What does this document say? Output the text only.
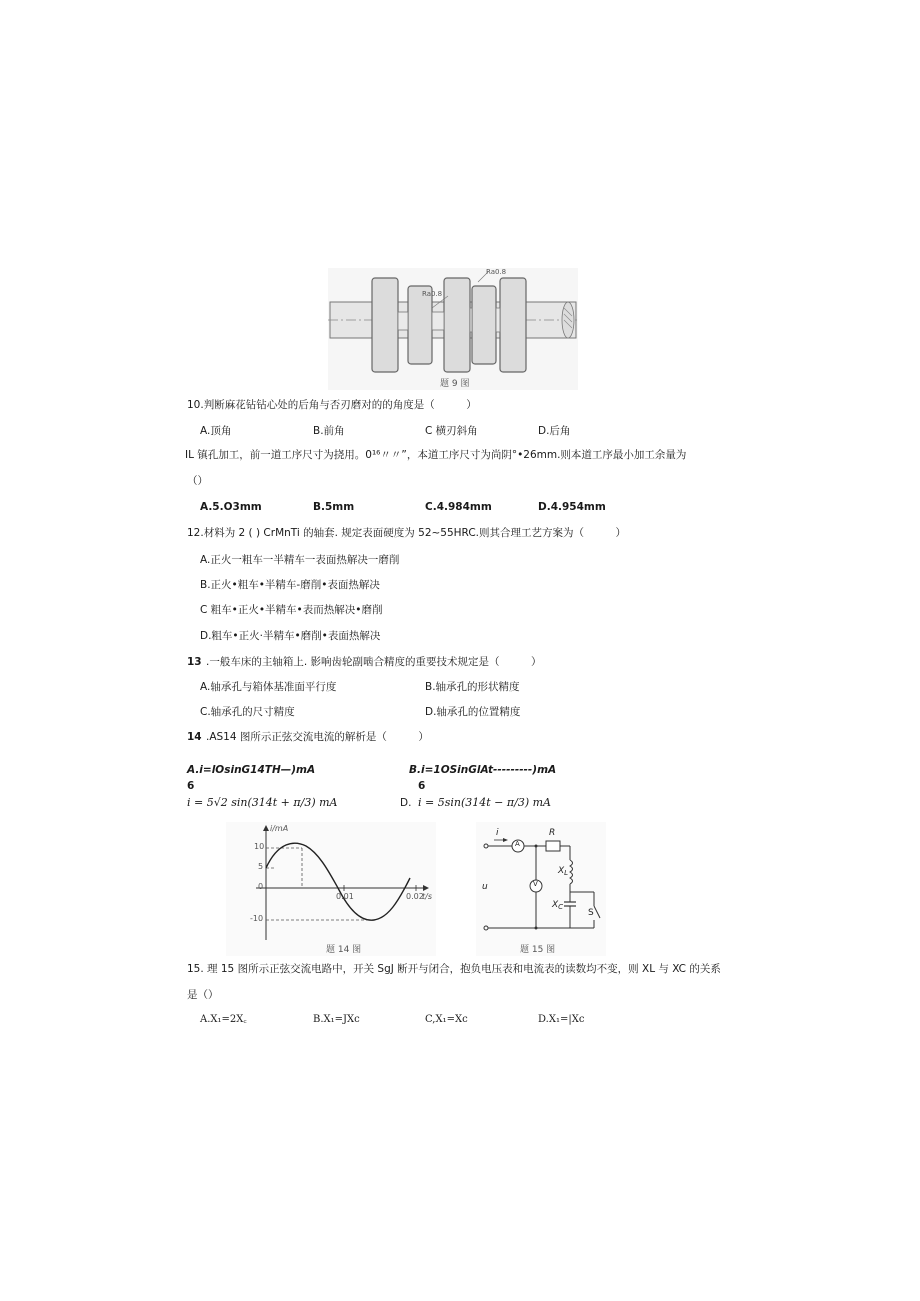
Ra0.8
Ra0.8
题 9 图
10.判断麻花钻钻心处的后角与否刃磨对的的角度是（　　　）
A.顶角	B.前角	C 横刃斜角	D.后角
IL 镇孔加工，前一道工序尺寸为挠用。0¹⁶〃〃”，本道工序尺寸为尚阴°•26mm.则本道工序最小加工余量为
（）
A.5.O3mm	B.5mm	C.4.984mm	D.4.954mm
12.材料为 2 ( ) CrMnTi 的轴套. 规定表面硬度为 52~55HRC.则其合理工艺方案为（　　　）
A.正火一粗车一半精车一表面热解决一磨削
B.正火•粗车•半精车-磨削•表面热解决
C 粗车•正火•半精车•表而热解决•磨削
D.粗车•正火·半精车•磨削•表面热解决
13 .一般车床的主轴箱上. 影响齿轮副啮合精度的重要技术规定是（　　　）
A.轴承孔与箱体基准面平行度	B.轴承孔的形状精度
C.轴承孔的尺寸精度	D.轴承孔的位置精度
14 .AS14 图所示正弦交流电流的解析是（　　　）
A.i=lOsinG14TH—)mA	B.i=1OSinGlAt---------)mA
6	6
i = 5√2 sin(314t + π/3) mA	D. i = 5sin(314t − π/3) mA
i/mA
t/s
10
5
0
-10
0.01	0.02
题 14 图
i
A
V
R
$X_L$
$X_C$
S
u
题 15 图
15. 理 15 图所示正弦交流电路中，开关 SgJ 断开与闭合，抱负电压表和电流表的读数均不变，则 XL 与 XC 的关系
是（）
A.X₁=2X꜀	B.X₁=JXc	C,X₁=Xc	D.X₁=|Xc
